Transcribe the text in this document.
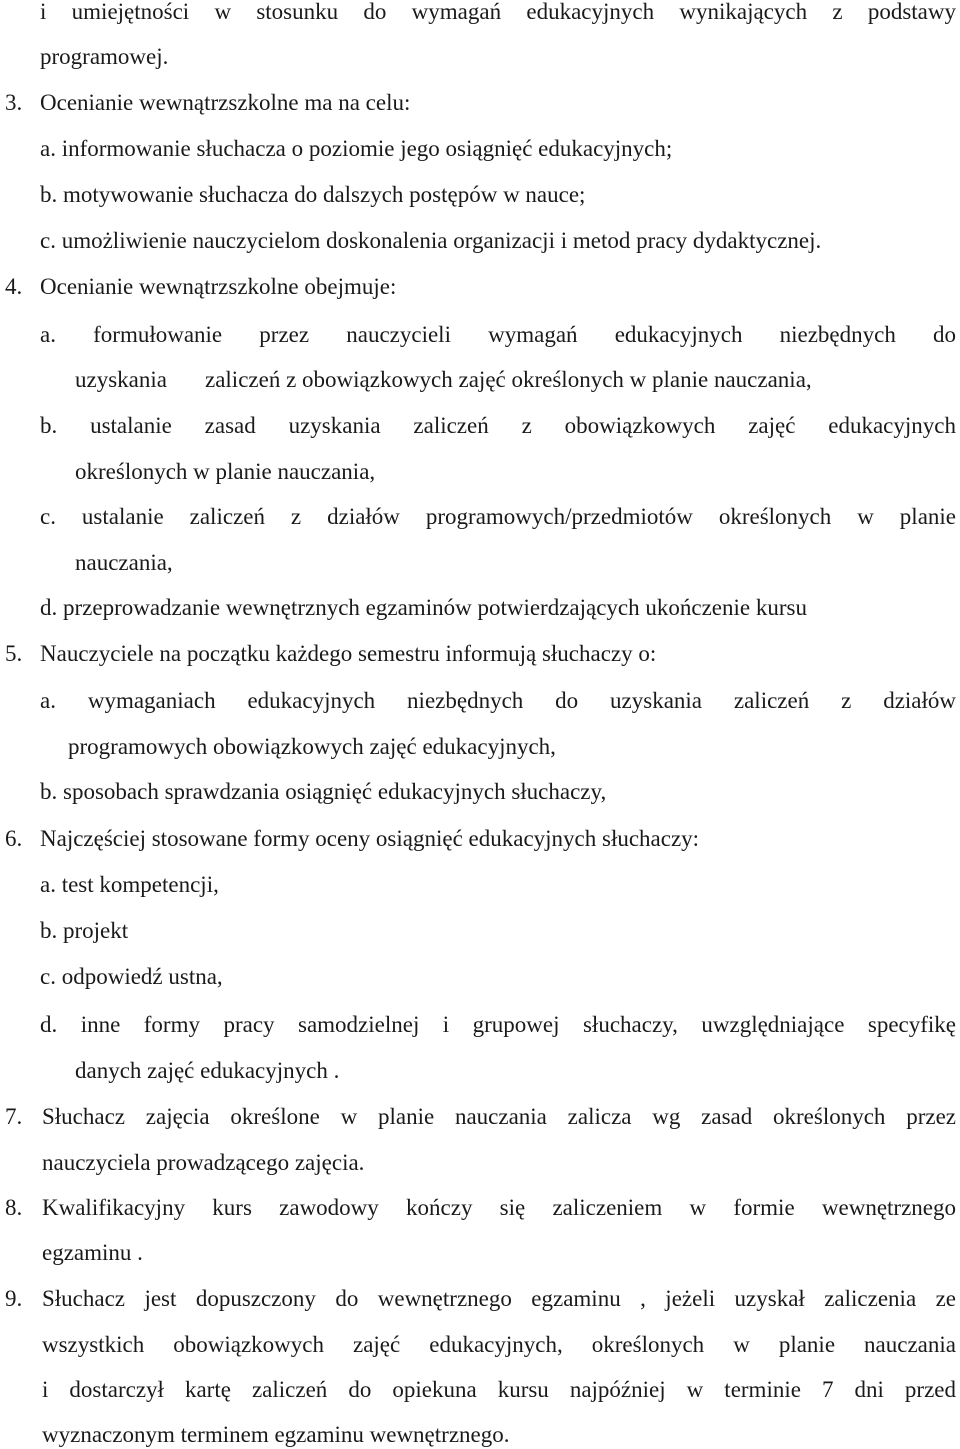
i umiejętności w stosunku do wymagań edukacyjnych wynikających z podstawy
programowej.
3. Ocenianie wewnątrzszkolne ma na celu:
a. informowanie słuchacza o poziomie jego osiągnięć edukacyjnych;
b. motywowanie słuchacza do dalszych postępów w nauce;
c. umożliwienie nauczycielom doskonalenia organizacji i metod pracy dydaktycznej.
4. Ocenianie wewnątrzszkolne obejmuje:
a. formułowanie przez nauczycieli wymagań edukacyjnych niezbędnych do
uzyskania zaliczeń z obowiązkowych zajęć określonych w planie nauczania,
b. ustalanie zasad uzyskania zaliczeń z obowiązkowych zajęć edukacyjnych
określonych w planie nauczania,
c. ustalanie zaliczeń z działów programowych/przedmiotów określonych w planie
nauczania,
d. przeprowadzanie wewnętrznych egzaminów potwierdzających ukończenie kursu
5. Nauczyciele na początku każdego semestru informują słuchaczy o:
a. wymaganiach edukacyjnych niezbędnych do uzyskania zaliczeń z działów
programowych obowiązkowych zajęć edukacyjnych,
b. sposobach sprawdzania osiągnięć edukacyjnych słuchaczy,
6. Najczęściej stosowane formy oceny osiągnięć edukacyjnych słuchaczy:
a. test kompetencji,
b. projekt
c. odpowiedź ustna,
d. inne formy pracy samodzielnej i grupowej słuchaczy, uwzględniające specyfikę
danych zajęć edukacyjnych .
7. Słuchacz zajęcia określone w planie nauczania zalicza wg zasad określonych przez
nauczyciela prowadzącego zajęcia.
8. Kwalifikacyjny kurs zawodowy kończy się zaliczeniem w formie wewnętrznego
egzaminu .
9. Słuchacz jest dopuszczony do wewnętrznego egzaminu , jeżeli uzyskał zaliczenia ze
wszystkich obowiązkowych zajęć edukacyjnych, określonych w planie nauczania
i dostarczył kartę zaliczeń do opiekuna kursu najpóźniej w terminie 7 dni przed
wyznaczonym terminem egzaminu wewnętrznego.
